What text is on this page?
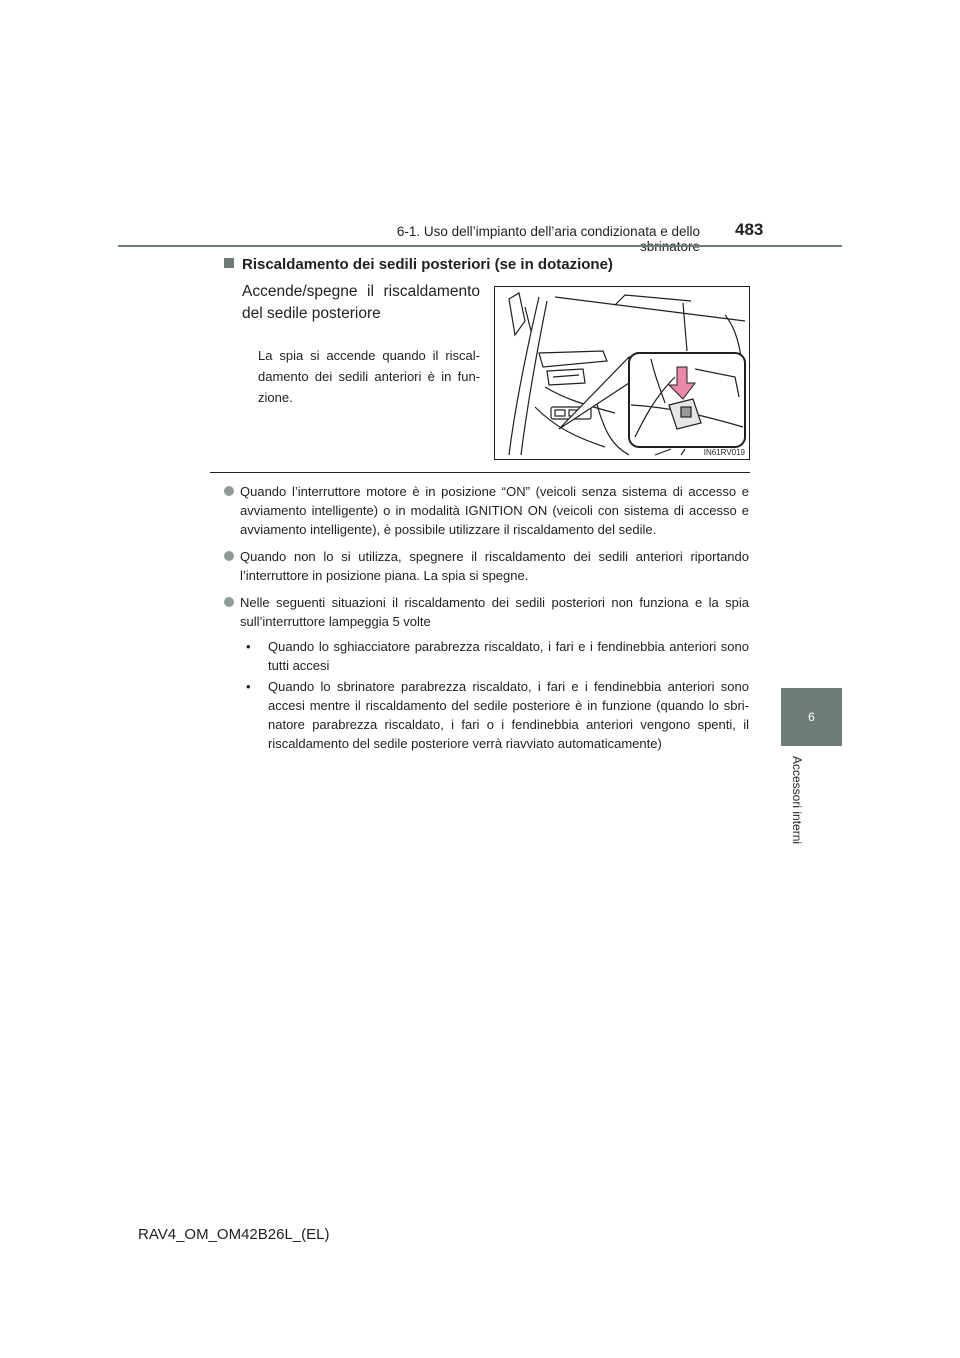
6-1. Uso dell’impianto dell’aria condizionata e dello 483
6
Accessori interni
Riscaldamento dei sedili posteriori (se in dotazione)
Accende/spegne il riscaldamento del sedile posteriore
La spia si accende quando il riscal-damento dei sedili anteriori è in fun-zione.
IN61RV019

Quando l’interruttore motore è in posizione “ON” (veicoli senza sistema di accesso e avviamento intelligente) o in modalità IGNITION ON (veicoli con sistema di accesso e avviamento intelligente), è possibile utilizzare il riscaldamento del sedile.

Quando non lo si utilizza, spegnere il riscaldamento dei sedili anteriori riportando l’interruttore in posizione piana. La spia si spegne.

Nelle seguenti situazioni il riscaldamento dei sedili posteriori non funziona e la spia sull’interruttore lampeggia 5 volte
• Quando lo sghiacciatore parabrezza riscaldato, i fari e i fendinebbia anteriori sono tutti accesi
• Quando lo sbrinatore parabrezza riscaldato, i fari e i fendinebbia anteriori sono accesi mentre il riscaldamento del sedile posteriore è in funzione (quando lo sbri-natore parabrezza riscaldato, i fari o i fendinebbia anteriori vengono spenti, il riscaldamento del sedile posteriore verrà riavviato automaticamente)
RAV4_OM_OM42B26L_(EL)
